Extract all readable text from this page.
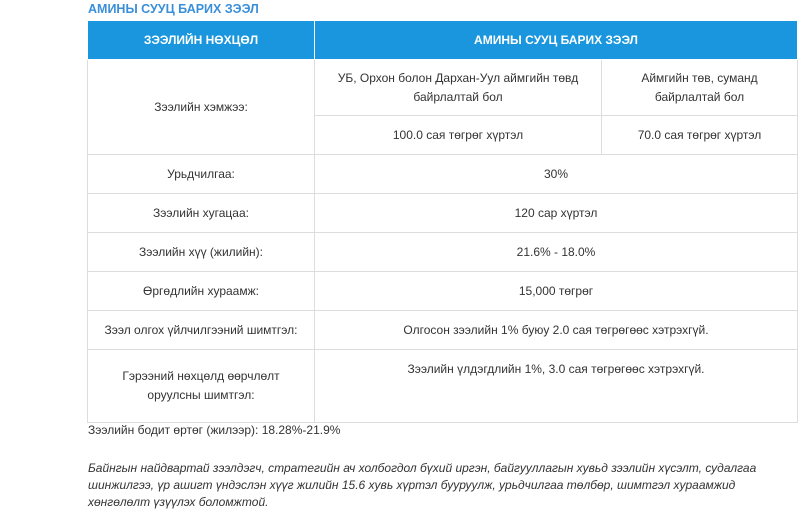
АМИНЫ СУУЦ БАРИХ ЗЭЭЛ
ЗЭЭЛИЙН НӨХЦӨЛ	АМИНЫ СУУЦ БАРИХ ЗЭЭЛ	
Зээлийн хэмжээ:	УБ, Орхон болон Дархан-Уул аймгийн төвд байрлалтай бол	Аймгийн төв, суманд
байрлалтай бол
	100.0 сая төгрөг хүртэл	70.0 сая төгрөг хүртэл
Урьдчилгаа:	30%	
Зээлийн хугацаа:	120 сар хүртэл	
Зээлийн хүү (жилийн):	21.6% - 18.0%	
Өргөдлийн хураамж:	15,000 төгрөг	
Зээл олгох үйлчилгээний шимтгэл:	Олгосон зээлийн 1% буюу 2.0 сая төгрөгөөс хэтрэхгүй.	
Гэрээний нөхцөлд өөрчлөлт
оруулсны шимтгэл:	Зээлийн үлдэгдлийн 1%, 3.0 сая төгрөгөөс хэтрэхгүй.	
Зээлийн бодит өртөг (жилээр): 18.28%-21.9%
Байнгын найдвартай зээлдэгч, стратегийн ач холбогдол бүхий иргэн, байгууллагын хувьд зээлийн хүсэлт, судалгаа шинжилгээ, үр ашигт үндэслэн хүүг жилийн 15.6 хувь хүртэл бууруулж, урьдчилгаа төлбөр, шимтгэл хураамжид хөнгөлөлт үзүүлэх боломжтой.
